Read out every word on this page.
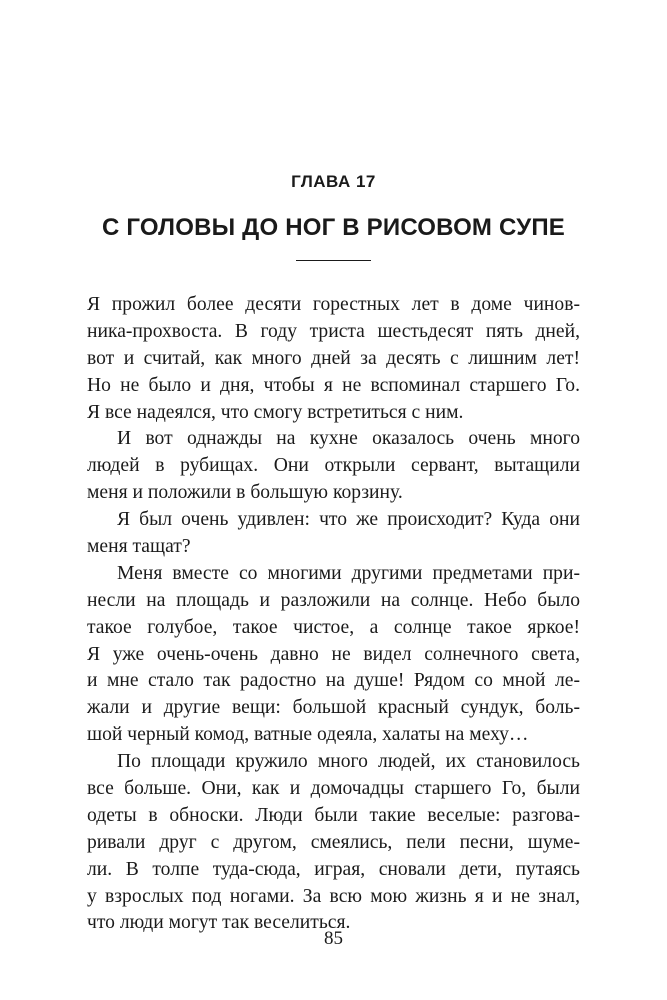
ГЛАВА 17
С ГОЛОВЫ ДО НОГ В РИСОВОМ СУПЕ
Я прожил более десяти горестных лет в доме чинов-
ника-прохвоста. В году триста шестьдесят пять дней,
вот и считай, как много дней за десять с лишним лет!
Но не было и дня, чтобы я не вспоминал старшего Го.
Я все надеялся, что смогу встретиться с ним.
И вот однажды на кухне оказалось очень много
людей в рубищах. Они открыли сервант, вытащили
меня и положили в большую корзину.
Я был очень удивлен: что же происходит? Куда они
меня тащат?
Меня вместе со многими другими предметами при-
несли на площадь и разложили на солнце. Небо было
такое голубое, такое чистое, а солнце такое яркое!
Я уже очень-очень давно не видел солнечного света,
и мне стало так радостно на душе! Рядом со мной ле-
жали и другие вещи: большой красный сундук, боль-
шой черный комод, ватные одеяла, халаты на меху…
По площади кружило много людей, их становилось
все больше. Они, как и домочадцы старшего Го, были
одеты в обноски. Люди были такие веселые: разгова-
ривали друг с другом, смеялись, пели песни, шуме-
ли. В толпе туда-сюда, играя, сновали дети, путаясь
у взрослых под ногами. За всю мою жизнь я и не знал,
что люди могут так веселиться.
85
